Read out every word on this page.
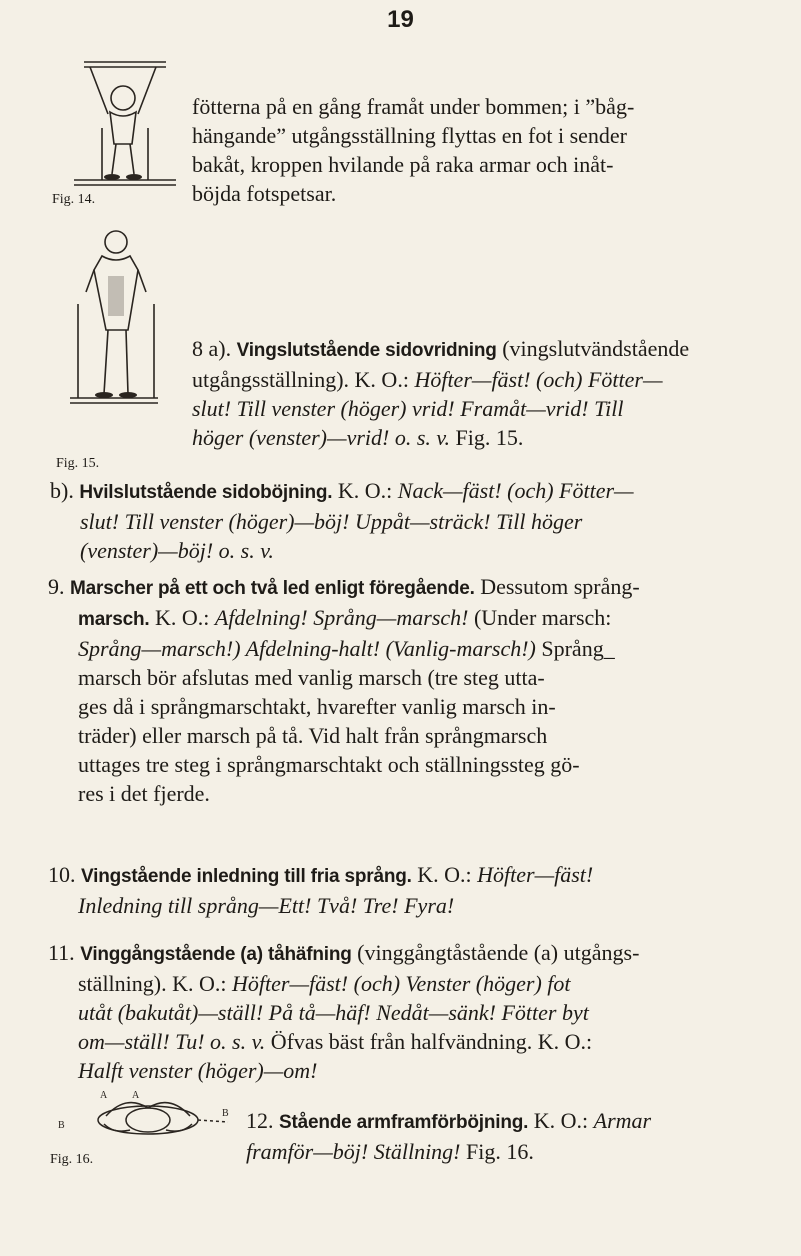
19
Fig. 14.
fötterna på en gång framåt under bommen; i ”båg-
hängande” utgångsställning flyttas en fot i sender
bakåt, kroppen hvilande på raka armar och inåt-
böjda fotspetsar.
Fig. 15.
8 a). Vingslutstående sidovridning (vingslutvändstående
utgångsställning). K. O.: Höfter—fäst! (och) Fötter—
slut! Till venster (höger) vrid! Framåt—vrid! Till
höger (venster)—vrid! o. s. v. Fig. 15.
b). Hvilslutstående sidoböjning. K. O.: Nack—fäst! (och) Fötter—
slut! Till venster (höger)—böj! Uppåt—sträck! Till höger
(venster)—böj! o. s. v.
9. Marscher på ett och två led enligt föregående. Dessutom språng-
marsch. K. O.: Afdelning! Språng—marsch! (Under marsch:
Språng—marsch!) Afdelning-halt! (Vanlig-marsch!) Språng_
marsch bör afslutas med vanlig marsch (tre steg utta-
ges då i språngmarschtakt, hvarefter vanlig marsch in-
träder) eller marsch på tå. Vid halt från språngmarsch
uttages tre steg i språngmarschtakt och ställningssteg gö-
res i det fjerde.
10. Vingstående inledning till fria språng. K. O.: Höfter—fäst!
Inledning till språng—Ett! Två! Tre! Fyra!
11. Vinggångstående (a) tåhäfning (vinggångtåstående (a) utgångs-
ställning). K. O.: Höfter—fäst! (och) Venster (höger) fot
utåt (bakutåt)—ställ! På tå—häf! Nedåt—sänk! Fötter byt
om—ställ! Tu! o. s. v. Öfvas bäst från halfvändning. K. O.:
Halft venster (höger)—om!
B
B
A A
Fig. 16.
12. Stående armframförböjning. K. O.: Armar
framför—böj! Ställning! Fig. 16.
